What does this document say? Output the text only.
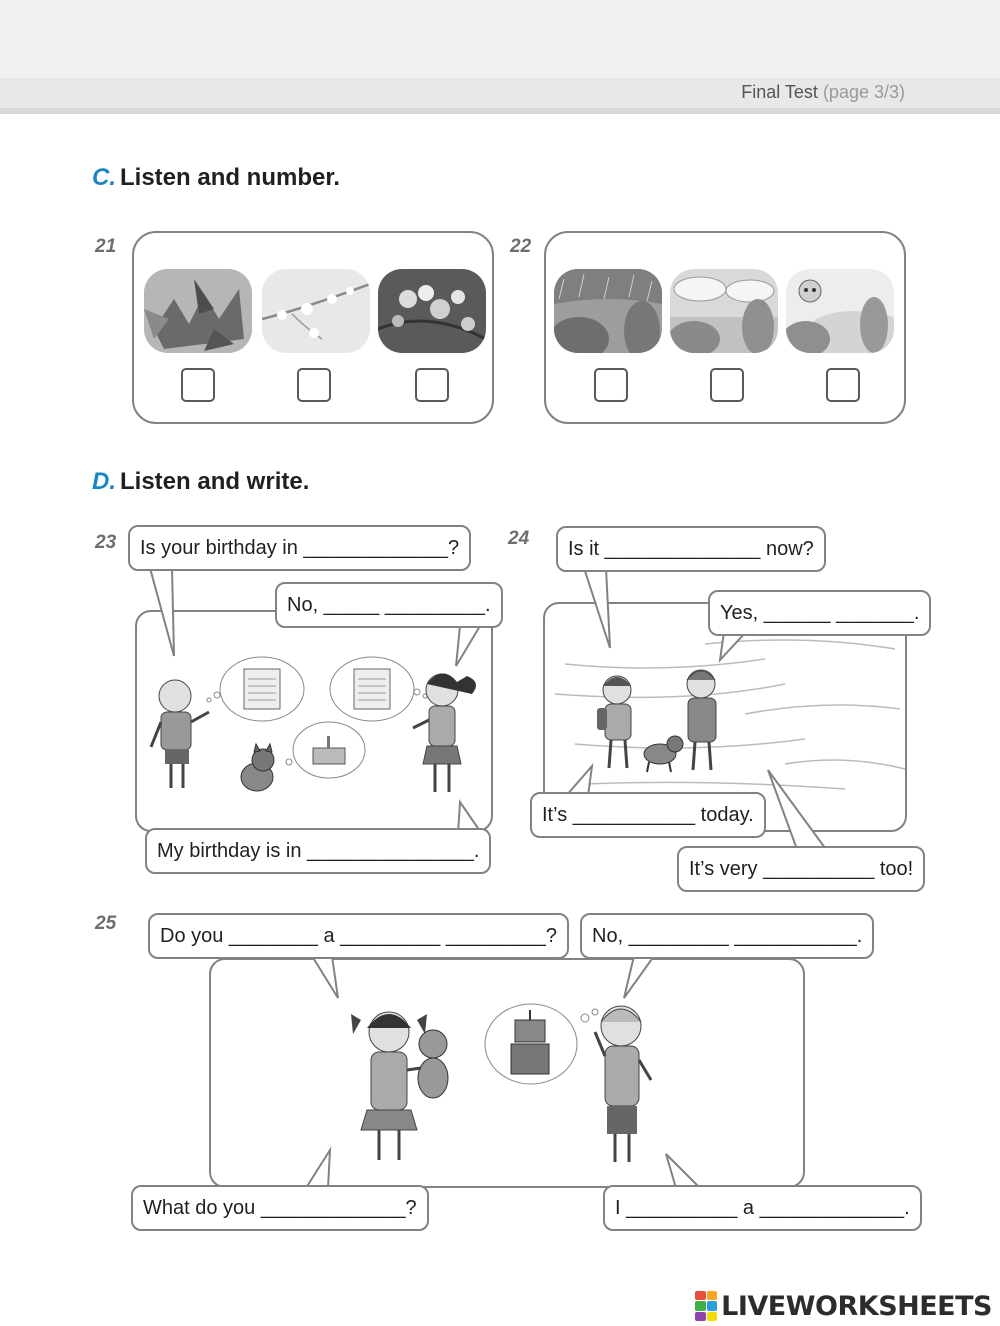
Final Test (page 3/3)
C. Listen and number.
21	22
D. Listen and write.
23	Is your birthday in _____________?
No, _____ _________.
My birthday is in _______________.
24	Is it ______________ now?
Yes, ______ _______.
It’s ___________ today.
It’s very __________ too!
25
Do you ________ a _________ _________?	No, _________ ___________.
What do you _____________?	I __________ a _____________.
LIVEWORKSHEETS
